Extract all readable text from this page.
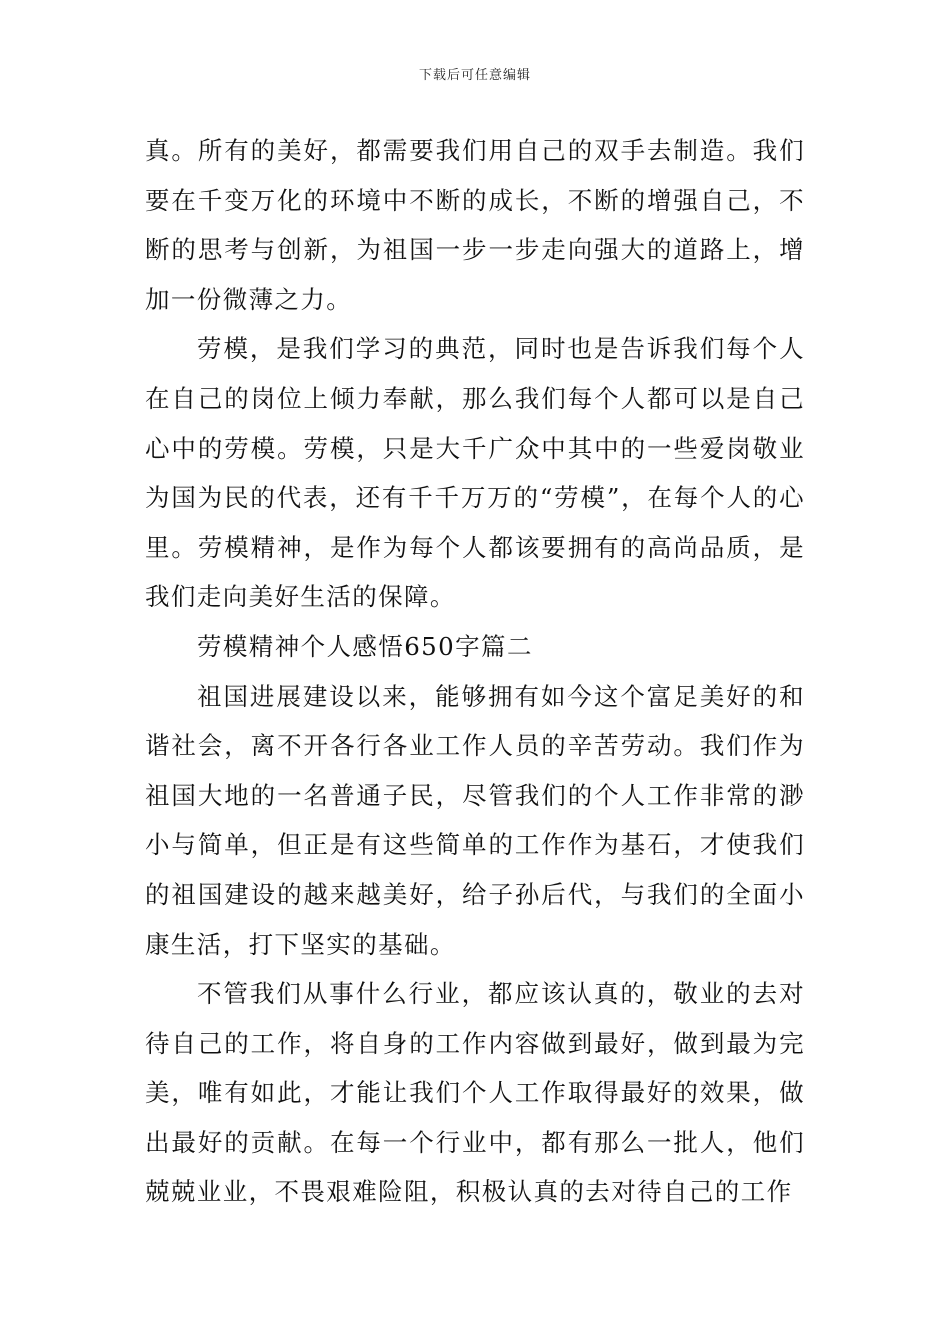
下载后可任意编辑

真。所有的美好，都需要我们用自己的双手去制造。我们要在千变万化的环境中不断的成长，不断的增强自己，不断的思考与创新，为祖国一步一步走向强大的道路上，增加一份微薄之力。

劳模，是我们学习的典范，同时也是告诉我们每个人在自己的岗位上倾力奉献，那么我们每个人都可以是自己心中的劳模。劳模，只是大千广众中其中的一些爱岗敬业为国为民的代表，还有千千万万的“劳模”，在每个人的心里。劳模精神，是作为每个人都该要拥有的高尚品质，是我们走向美好生活的保障。

劳模精神个人感悟650字篇二

祖国进展建设以来，能够拥有如今这个富足美好的和谐社会，离不开各行各业工作人员的辛苦劳动。我们作为祖国大地的一名普通子民，尽管我们的个人工作非常的渺小与简单，但正是有这些简单的工作作为基石，才使我们的祖国建设的越来越美好，给子孙后代，与我们的全面小康生活，打下坚实的基础。

不管我们从事什么行业，都应该认真的，敬业的去对待自己的工作，将自身的工作内容做到最好，做到最为完美，唯有如此，才能让我们个人工作取得最好的效果，做出最好的贡献。在每一个行业中，都有那么一批人，他们兢兢业业，不畏艰难险阻，积极认真的去对待自己的工作
